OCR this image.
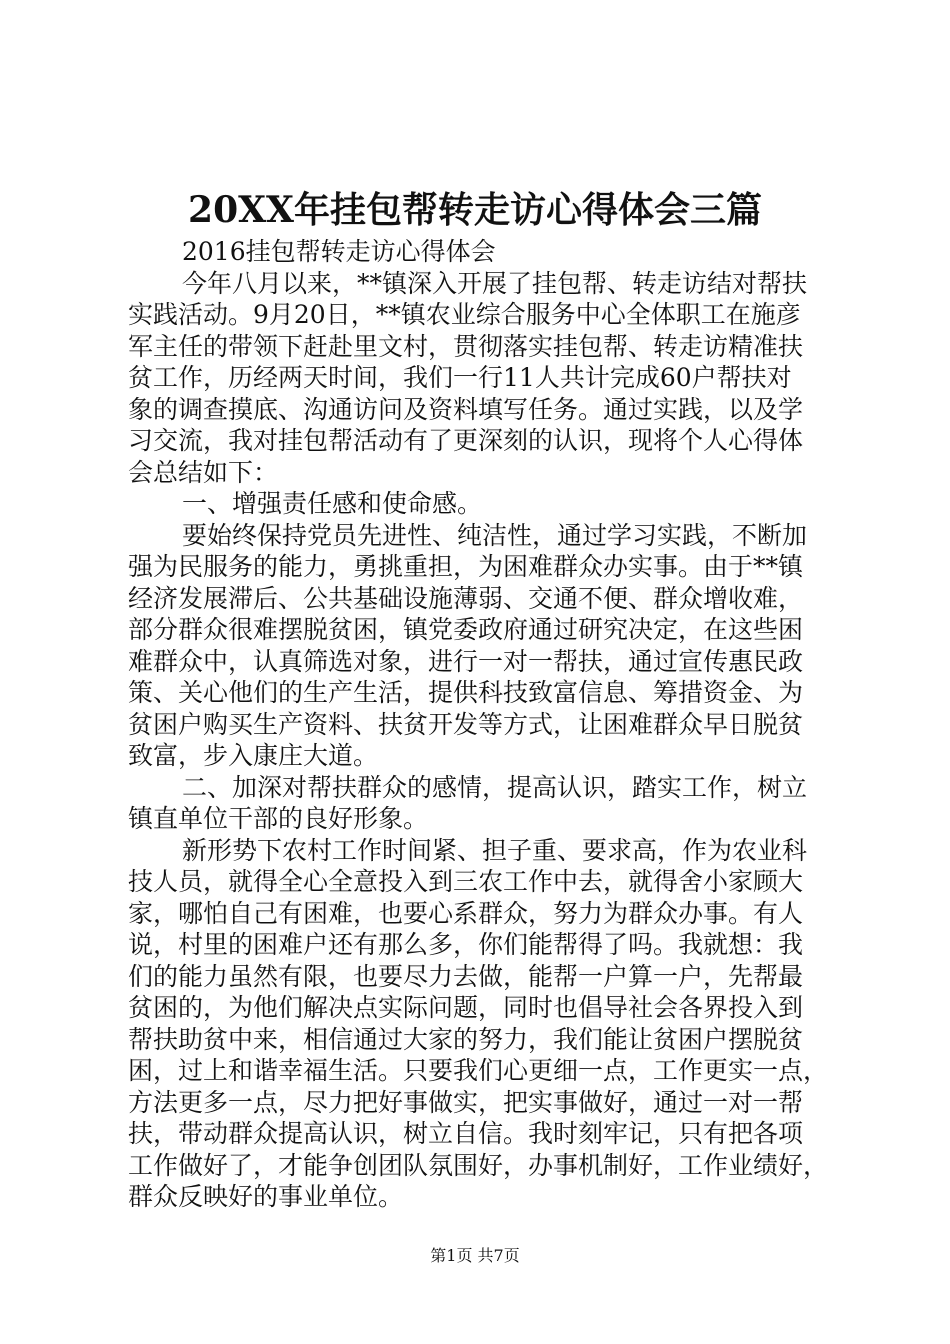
20XX年挂包帮转走访心得体会三篇
2016挂包帮转走访心得体会
今年八月以来，**镇深入开展了挂包帮、转走访结对帮扶
实践活动。9月20日，**镇农业综合服务中心全体职工在施彦
军主任的带领下赶赴里文村，贯彻落实挂包帮、转走访精准扶
贫工作，历经两天时间，我们一行11人共计完成60户帮扶对
象的调查摸底、沟通访问及资料填写任务。通过实践，以及学
习交流，我对挂包帮活动有了更深刻的认识，现将个人心得体
会总结如下：
一、增强责任感和使命感。
要始终保持党员先进性、纯洁性，通过学习实践，不断加
强为民服务的能力，勇挑重担，为困难群众办实事。由于**镇
经济发展滞后、公共基础设施薄弱、交通不便、群众增收难，
部分群众很难摆脱贫困，镇党委政府通过研究决定，在这些困
难群众中，认真筛选对象，进行一对一帮扶，通过宣传惠民政
策、关心他们的生产生活，提供科技致富信息、筹措资金、为
贫困户购买生产资料、扶贫开发等方式，让困难群众早日脱贫
致富，步入康庄大道。
二、加深对帮扶群众的感情，提高认识，踏实工作，树立
镇直单位干部的良好形象。
新形势下农村工作时间紧、担子重、要求高，作为农业科
技人员，就得全心全意投入到三农工作中去，就得舍小家顾大
家，哪怕自己有困难，也要心系群众，努力为群众办事。有人
说，村里的困难户还有那么多，你们能帮得了吗。我就想：我
们的能力虽然有限，也要尽力去做，能帮一户算一户，先帮最
贫困的，为他们解决点实际问题，同时也倡导社会各界投入到
帮扶助贫中来，相信通过大家的努力，我们能让贫困户摆脱贫
困，过上和谐幸福生活。只要我们心更细一点，工作更实一点，
方法更多一点，尽力把好事做实，把实事做好，通过一对一帮
扶，带动群众提高认识，树立自信。我时刻牢记，只有把各项
工作做好了，才能争创团队氛围好，办事机制好，工作业绩好，
群众反映好的事业单位。
第1页 共7页
